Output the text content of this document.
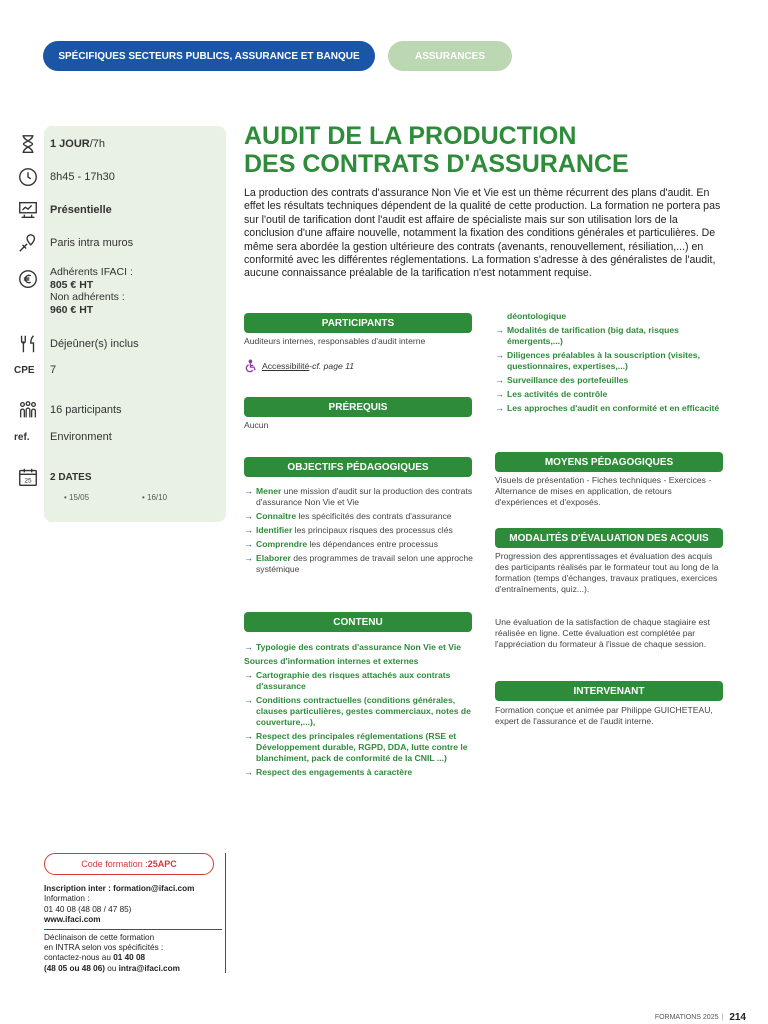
SPÉCIFIQUES SECTEURS PUBLICS, ASSURANCE ET BANQUE	ASSURANCES
1 JOUR/7h
8h45 - 17h30
Présentielle
Paris intra muros
Adhérents IFACI :
805 € HT
Non adhérents :
960 € HT
Déjeûner(s) inclus
CPE	7
16 participants
ref.	Environment
25 2 DATES
• 15/05	• 16/10
AUDIT DE LA PRODUCTION
DES CONTRATS D'ASSURANCE
La production des contrats d'assurance Non Vie et Vie est un thème récurrent des plans d'audit. En effet les résultats techniques dépendent de la qualité de cette production. La formation ne portera pas sur l'outil de tarification dont l'audit est affaire de spécialiste mais sur son utilisation lors de la conclusion d'une affaire nouvelle, notamment la fixation des conditions générales et particulières. De même sera abordée la gestion ultérieure des contrats (avenants, renouvellement, résiliation,...) en conformité avec les différentes réglementations. La formation s'adresse à des généralistes de l'audit, aucune connaissance préalable de la tarification n'est notamment requise.
PARTICIPANTS
Auditeurs internes, responsables d'audit interne
Accessibilité - cf. page 11
PRÉREQUIS
Aucun
OBJECTIFS PÉDAGOGIQUES
→ Mener une mission d'audit sur la production des contrats d'assurance Non Vie et Vie
→ Connaître les spécificités des contrats d'assurance
→ Identifier les principaux risques des processus clés
→ Comprendre les dépendances entre processus
→ Elaborer des programmes de travail selon une approche systémique
CONTENU
→ Typologie des contrats d'assurance Non Vie et Vie
Sources d'information internes et externes
→ Cartographie des risques attachés aux contrats d'assurance
→ Conditions contractuelles (conditions générales, clauses particulières, gestes commerciaux, notes de couverture,...),
→ Respect des principales réglementations (RSE et Développement durable, RGPD, DDA, lutte contre le blanchiment, pack de conformité de la CNIL ...)
→ Respect des engagements à caractère
déontologique
→ Modalités de tarification (big data, risques émergents,...)
→ Diligences préalables à la souscription (visites, questionnaires, expertises,...)
→ Surveillance des portefeuilles
→ Les activités de contrôle
→ Les approches d'audit en conformité et en efficacité
MOYENS PÉDAGOGIQUES
Visuels de présentation - Fiches techniques - Exercices - Alternance de mises en application, de retours d'expériences et d'exposés.
MODALITÉS D'ÉVALUATION DES ACQUIS
Progression des apprentissages et évaluation des acquis des participants réalisés par le formateur tout au long de la formation (temps d'échanges, travaux pratiques, exercices d'entraînements, quiz...).
Une évaluation de la satisfaction de chaque stagiaire est réalisée en ligne. Cette évaluation est complétée par l'appréciation du formateur à l'issue de chaque session.
INTERVENANT
Formation conçue et animée par Philippe GUICHETEAU, expert de l'assurance et de l'audit interne.
Code formation : 25APC
Inscription inter : formation@ifaci.com
Information :
01 40 08 (48 08 / 47 85)
www.ifaci.com
Déclinaison de cette formation
en INTRA selon vos spécificités :
contactez-nous au 01 40 08
(48 05 ou 48 06) ou intra@ifaci.com
FORMATIONS 2025 | 214
